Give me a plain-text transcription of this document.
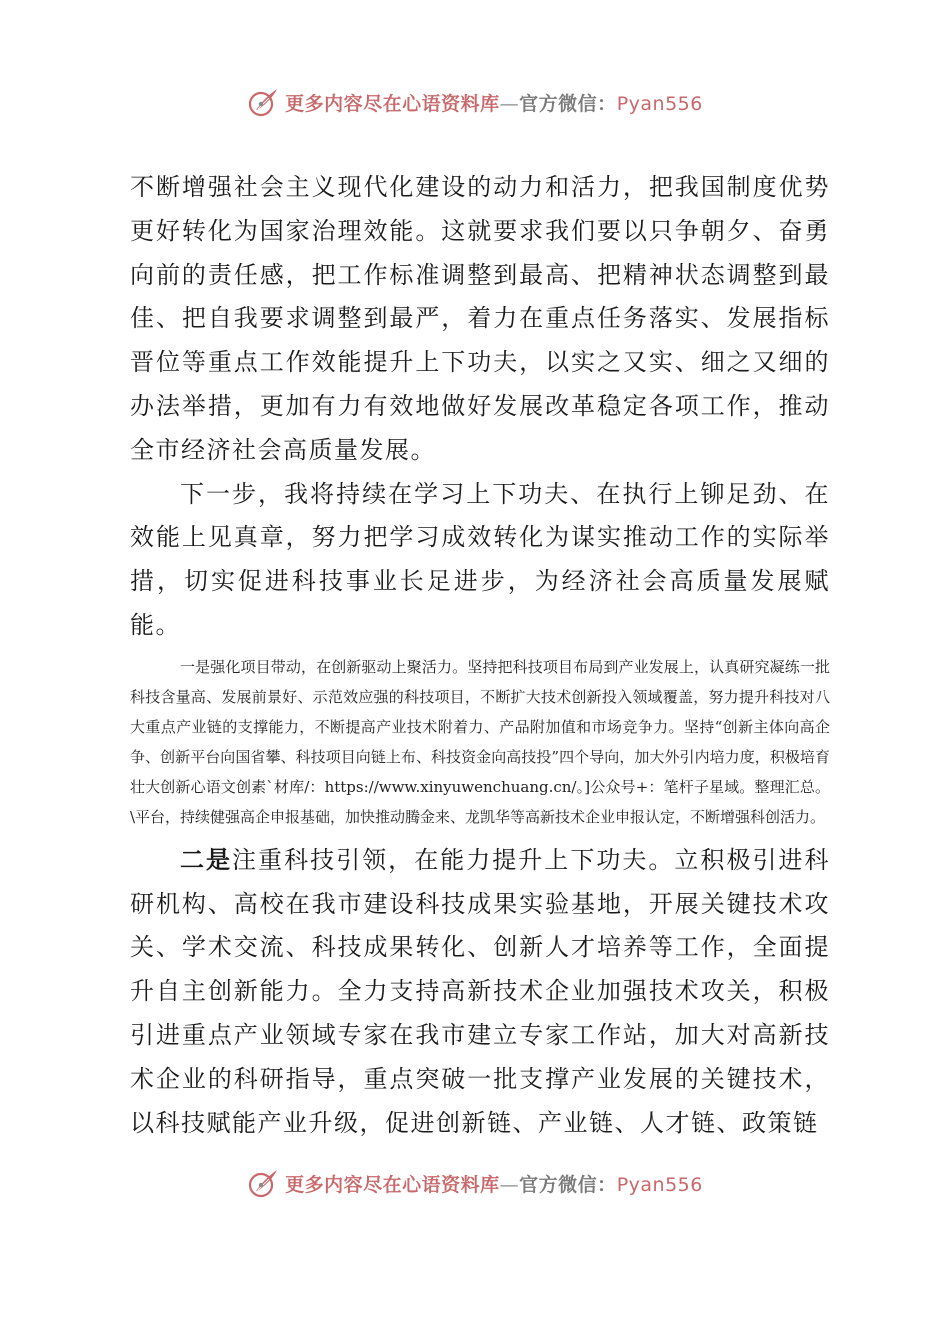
更多内容尽在心语资料库—官方微信：Pyan556

不断增强社会主义现代化建设的动力和活力，把我国制度优势更好转化为国家治理效能。这就要求我们要以只争朝夕、奋勇向前的责任感，把工作标准调整到最高、把精神状态调整到最佳、把自我要求调整到最严，着力在重点任务落实、发展指标晋位等重点工作效能提升上下功夫，以实之又实、细之又细的办法举措，更加有力有效地做好发展改革稳定各项工作，推动全市经济社会高质量发展。

下一步，我将持续在学习上下功夫、在执行上铆足劲、在效能上见真章，努力把学习成效转化为谋实推动工作的实际举措，切实促进科技事业长足进步，为经济社会高质量发展赋能。

一是强化项目带动，在创新驱动上聚活力。坚持把科技项目布局到产业发展上，认真研究凝练一批科技含量高、发展前景好、示范效应强的科技项目，不断扩大技术创新投入领域覆盖，努力提升科技对八大重点产业链的支撑能力，不断提高产业技术附着力、产品附加值和市场竞争力。坚持“创新主体向高企争、创新平台向国省攀、科技项目向链上布、科技资金向高技投”四个导向，加大外引内培力度，积极培育壮大创新心语文创素`材库/：https://www.xinyuwenchuang.cn/。]公众号+：笔杆子星域。整理汇总。\平台，持续健强高企申报基础，加快推动腾金来、龙凯华等高新技术企业申报认定，不断增强科创活力。

二是注重科技引领，在能力提升上下功夫。立积极引进科研机构、高校在我市建设科技成果实验基地，开展关键技术攻关、学术交流、科技成果转化、创新人才培养等工作，全面提升自主创新能力。全力支持高新技术企业加强技术攻关，积极引进重点产业领域专家在我市建立专家工作站，加大对高新技术企业的科研指导，重点突破一批支撑产业发展的关键技术，以科技赋能产业升级，促进创新链、产业链、人才链、政策链

更多内容尽在心语资料库—官方微信：Pyan556
